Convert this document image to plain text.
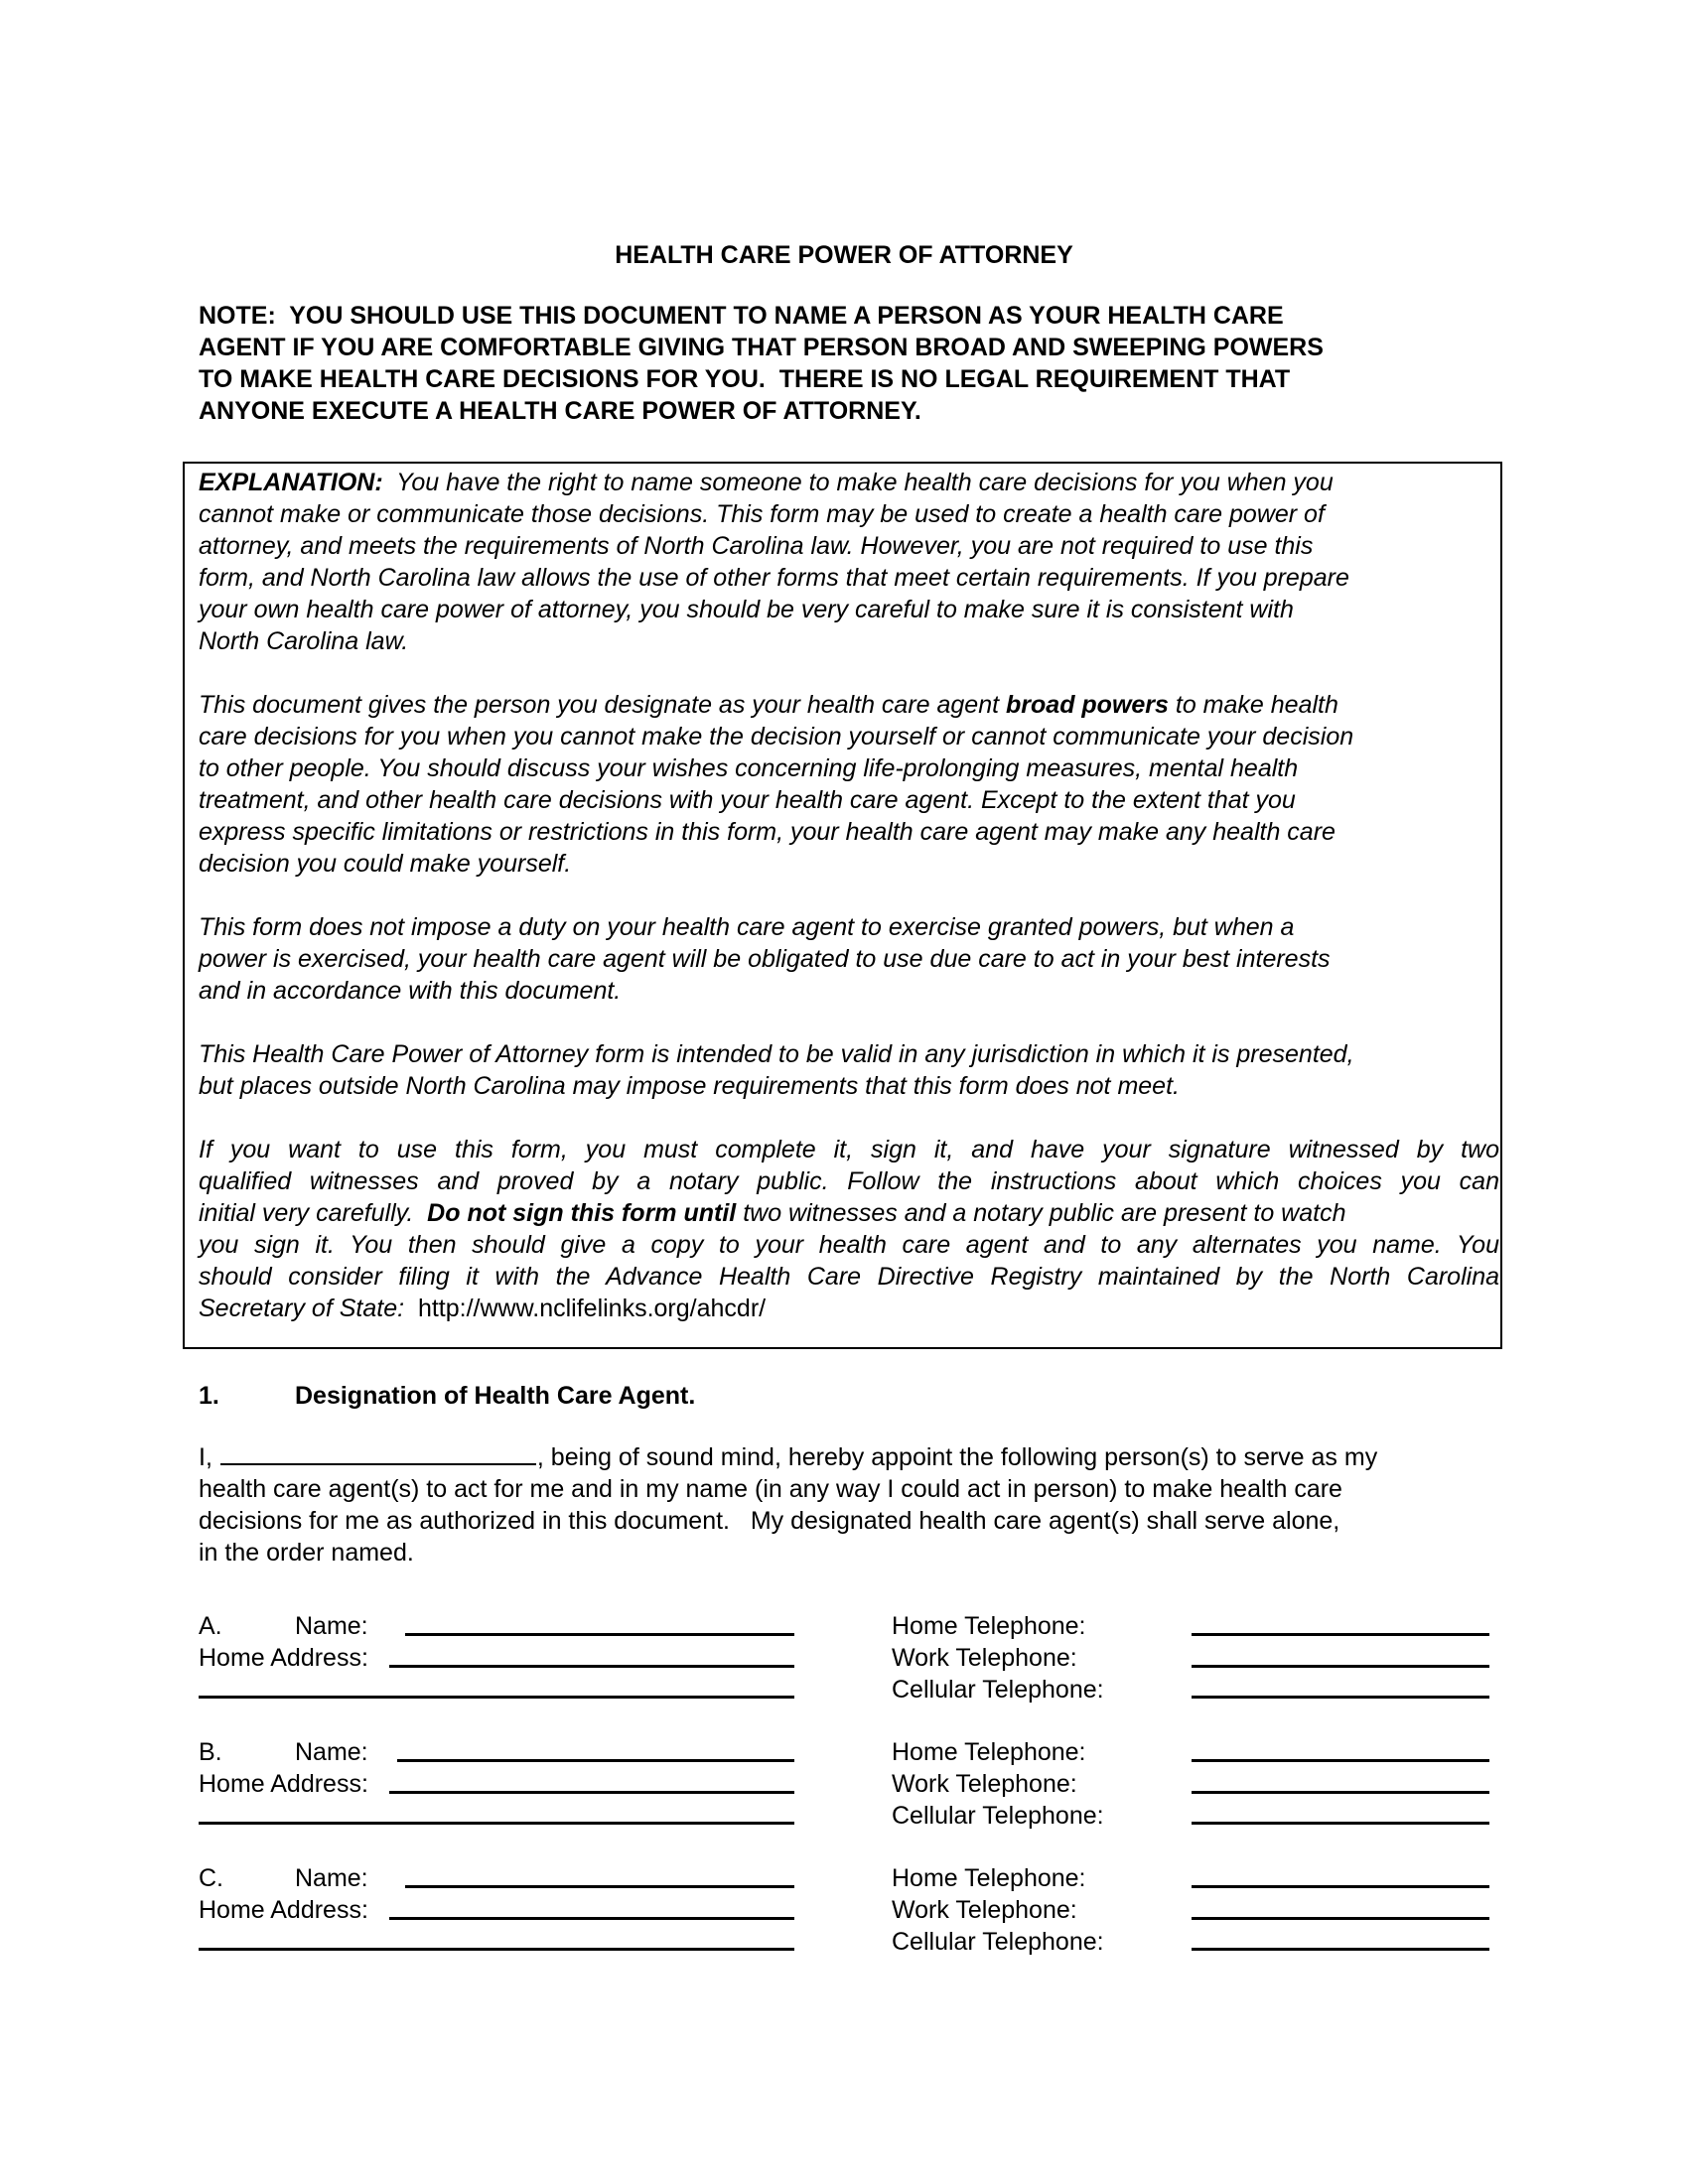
HEALTH CARE POWER OF ATTORNEY
NOTE:  YOU SHOULD USE THIS DOCUMENT TO NAME A PERSON AS YOUR HEALTH CARE
AGENT IF YOU ARE COMFORTABLE GIVING THAT PERSON BROAD AND SWEEPING POWERS
TO MAKE HEALTH CARE DECISIONS FOR YOU.  THERE IS NO LEGAL REQUIREMENT THAT
ANYONE EXECUTE A HEALTH CARE POWER OF ATTORNEY.

EXPLANATION:  You have the right to name someone to make health care decisions for you when you
cannot make or communicate those decisions. This form may be used to create a health care power of
attorney, and meets the requirements of North Carolina law. However, you are not required to use this
form, and North Carolina law allows the use of other forms that meet certain requirements. If you prepare
your own health care power of attorney, you should be very careful to make sure it is consistent with
North Carolina law.

This document gives the person you designate as your health care agent broad powers to make health
care decisions for you when you cannot make the decision yourself or cannot communicate your decision
to other people. You should discuss your wishes concerning life-prolonging measures, mental health
treatment, and other health care decisions with your health care agent. Except to the extent that you
express specific limitations or restrictions in this form, your health care agent may make any health care
decision you could make yourself.

This form does not impose a duty on your health care agent to exercise granted powers, but when a
power is exercised, your health care agent will be obligated to use due care to act in your best interests
and in accordance with this document.

This Health Care Power of Attorney form is intended to be valid in any jurisdiction in which it is presented,
but places outside North Carolina may impose requirements that this form does not meet.

If you want to use this form, you must complete it, sign it, and have your signature witnessed by two
qualified witnesses and proved by a notary public. Follow the instructions about which choices you can
initial very carefully.  Do not sign this form until two witnesses and a notary public are present to watch
you sign it. You then should give a copy to your health care agent and to any alternates you name. You
should consider filing it with the Advance Health Care Directive Registry maintained by the North Carolina
Secretary of State:  http://www.nclifelinks.org/ahcdr/

1.	Designation of Health Care Agent.
I,	, being of sound mind, hereby appoint the following person(s) to serve as my
health care agent(s) to act for me and in my name (in any way I could act in person) to make health care
decisions for me as authorized in this document.   My designated health care agent(s) shall serve alone,
in the order named.
A.	Name:
Home Address:
Home Telephone:
Work Telephone:
Cellular Telephone:
B.	Name:
Home Address:
Home Telephone:
Work Telephone:
Cellular Telephone:
C.	Name:
Home Address:
Home Telephone:
Work Telephone:
Cellular Telephone:
